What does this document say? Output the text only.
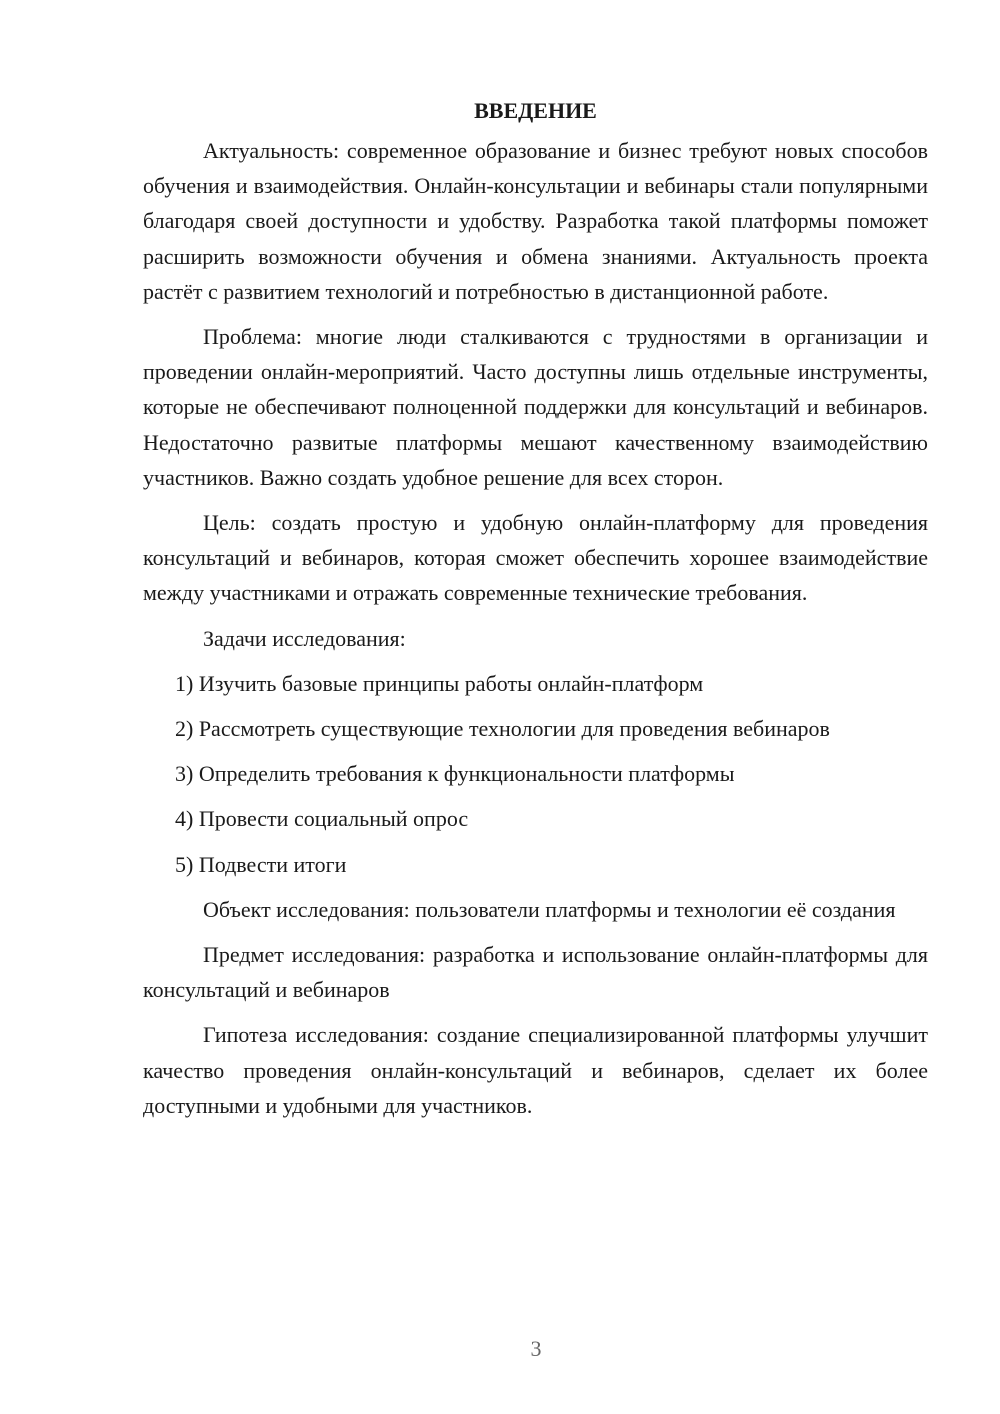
ВВЕДЕНИЕ

Актуальность: современное образование и бизнес требуют новых способов обучения и взаимодействия. Онлайн-консультации и вебинары стали популярными благодаря своей доступности и удобству. Разработка такой платформы поможет расширить возможности обучения и обмена знаниями. Актуальность проекта растёт с развитием технологий и потребностью в дистанционной работе.

Проблема: многие люди сталкиваются с трудностями в организации и проведении онлайн-мероприятий. Часто доступны лишь отдельные инструменты, которые не обеспечивают полноценной поддержки для консультаций и вебинаров. Недостаточно развитые платформы мешают качественному взаимодействию участников. Важно создать удобное решение для всех сторон.

Цель: создать простую и удобную онлайн-платформу для проведения консультаций и вебинаров, которая сможет обеспечить хорошее взаимодействие между участниками и отражать современные технические требования.

Задачи исследования:

1) Изучить базовые принципы работы онлайн-платформ
2) Рассмотреть существующие технологии для проведения вебинаров
3) Определить требования к функциональности платформы
4) Провести социальный опрос
5) Подвести итоги

Объект исследования: пользователи платформы и технологии её создания

Предмет исследования: разработка и использование онлайн-платформы для консультаций и вебинаров

Гипотеза исследования: создание специализированной платформы улучшит качество проведения онлайн-консультаций и вебинаров, сделает их более доступными и удобными для участников.

3
